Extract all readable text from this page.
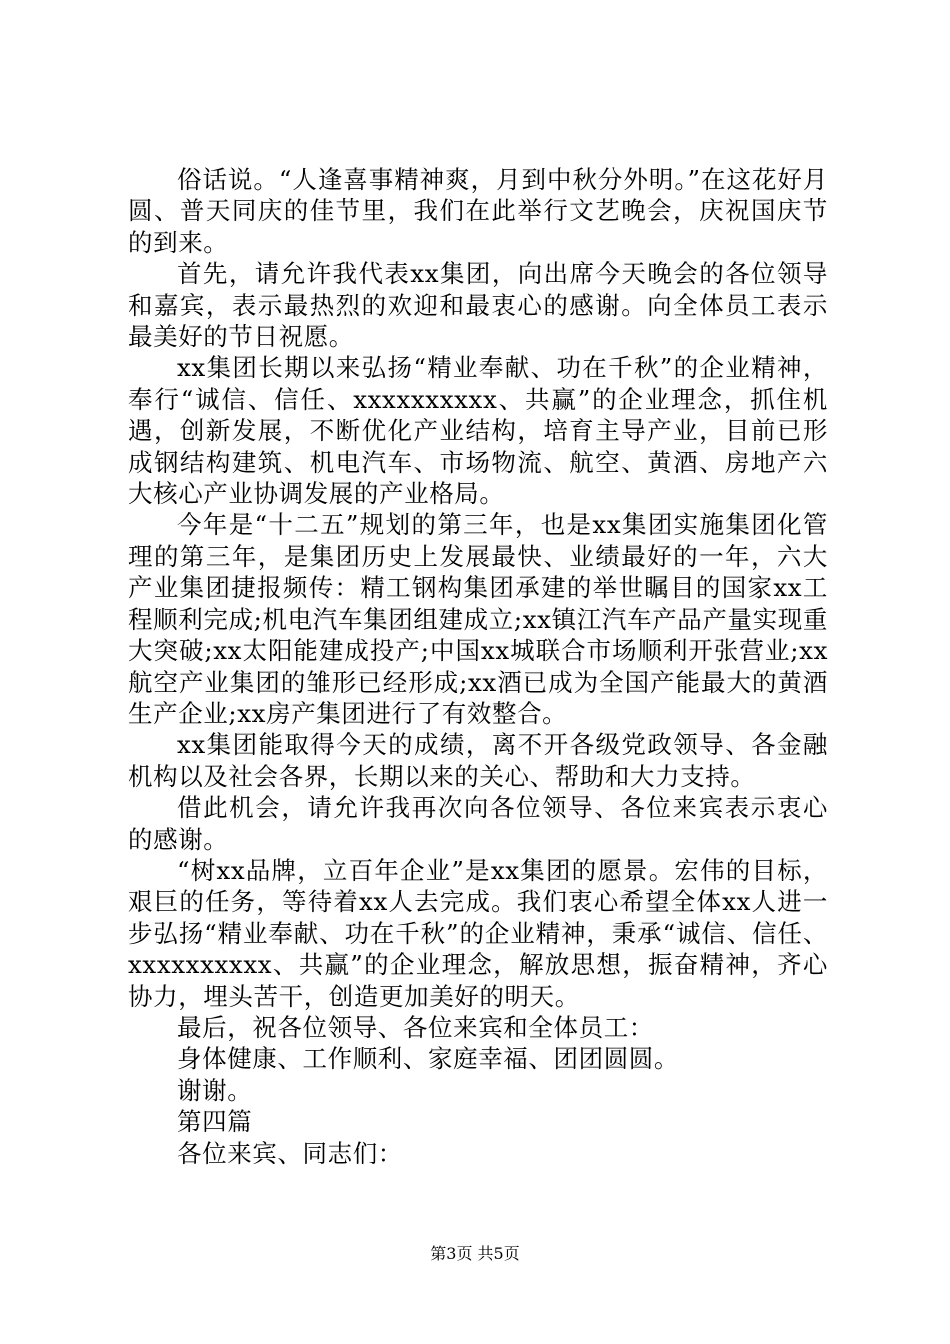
俗话说。“人逢喜事精神爽，月到中秋分外明。”在这花好月圆、普天同庆的佳节里，我们在此举行文艺晚会，庆祝国庆节的到来。

首先，请允许我代表xx集团，向出席今天晚会的各位领导和嘉宾，表示最热烈的欢迎和最衷心的感谢。向全体员工表示最美好的节日祝愿。

xx集团长期以来弘扬“精业奉献、功在千秋”的企业精神，奉行“诚信、信任、xxxxxxxxxx、共赢”的企业理念，抓住机遇，创新发展，不断优化产业结构，培育主导产业，目前已形成钢结构建筑、机电汽车、市场物流、航空、黄酒、房地产六大核心产业协调发展的产业格局。

今年是“十二五”规划的第三年，也是xx集团实施集团化管理的第三年，是集团历史上发展最快、业绩最好的一年，六大产业集团捷报频传：精工钢构集团承建的举世瞩目的国家xx工程顺利完成;机电汽车集团组建成立;xx镇江汽车产品产量实现重大突破;xx太阳能建成投产;中国xx城联合市场顺利开张营业;xx航空产业集团的雏形已经形成;xx酒已成为全国产能最大的黄酒生产企业;xx房产集团进行了有效整合。

xx集团能取得今天的成绩，离不开各级党政领导、各金融机构以及社会各界，长期以来的关心、帮助和大力支持。

借此机会，请允许我再次向各位领导、各位来宾表示衷心的感谢。

“树xx品牌，立百年企业”是xx集团的愿景。宏伟的目标，艰巨的任务，等待着xx人去完成。我们衷心希望全体xx人进一步弘扬“精业奉献、功在千秋”的企业精神，秉承“诚信、信任、xxxxxxxxxx、共赢”的企业理念，解放思想，振奋精神，齐心协力，埋头苦干，创造更加美好的明天。

最后，祝各位领导、各位来宾和全体员工：

身体健康、工作顺利、家庭幸福、团团圆圆。

谢谢。

第四篇

各位来宾、同志们：

第3页 共5页
